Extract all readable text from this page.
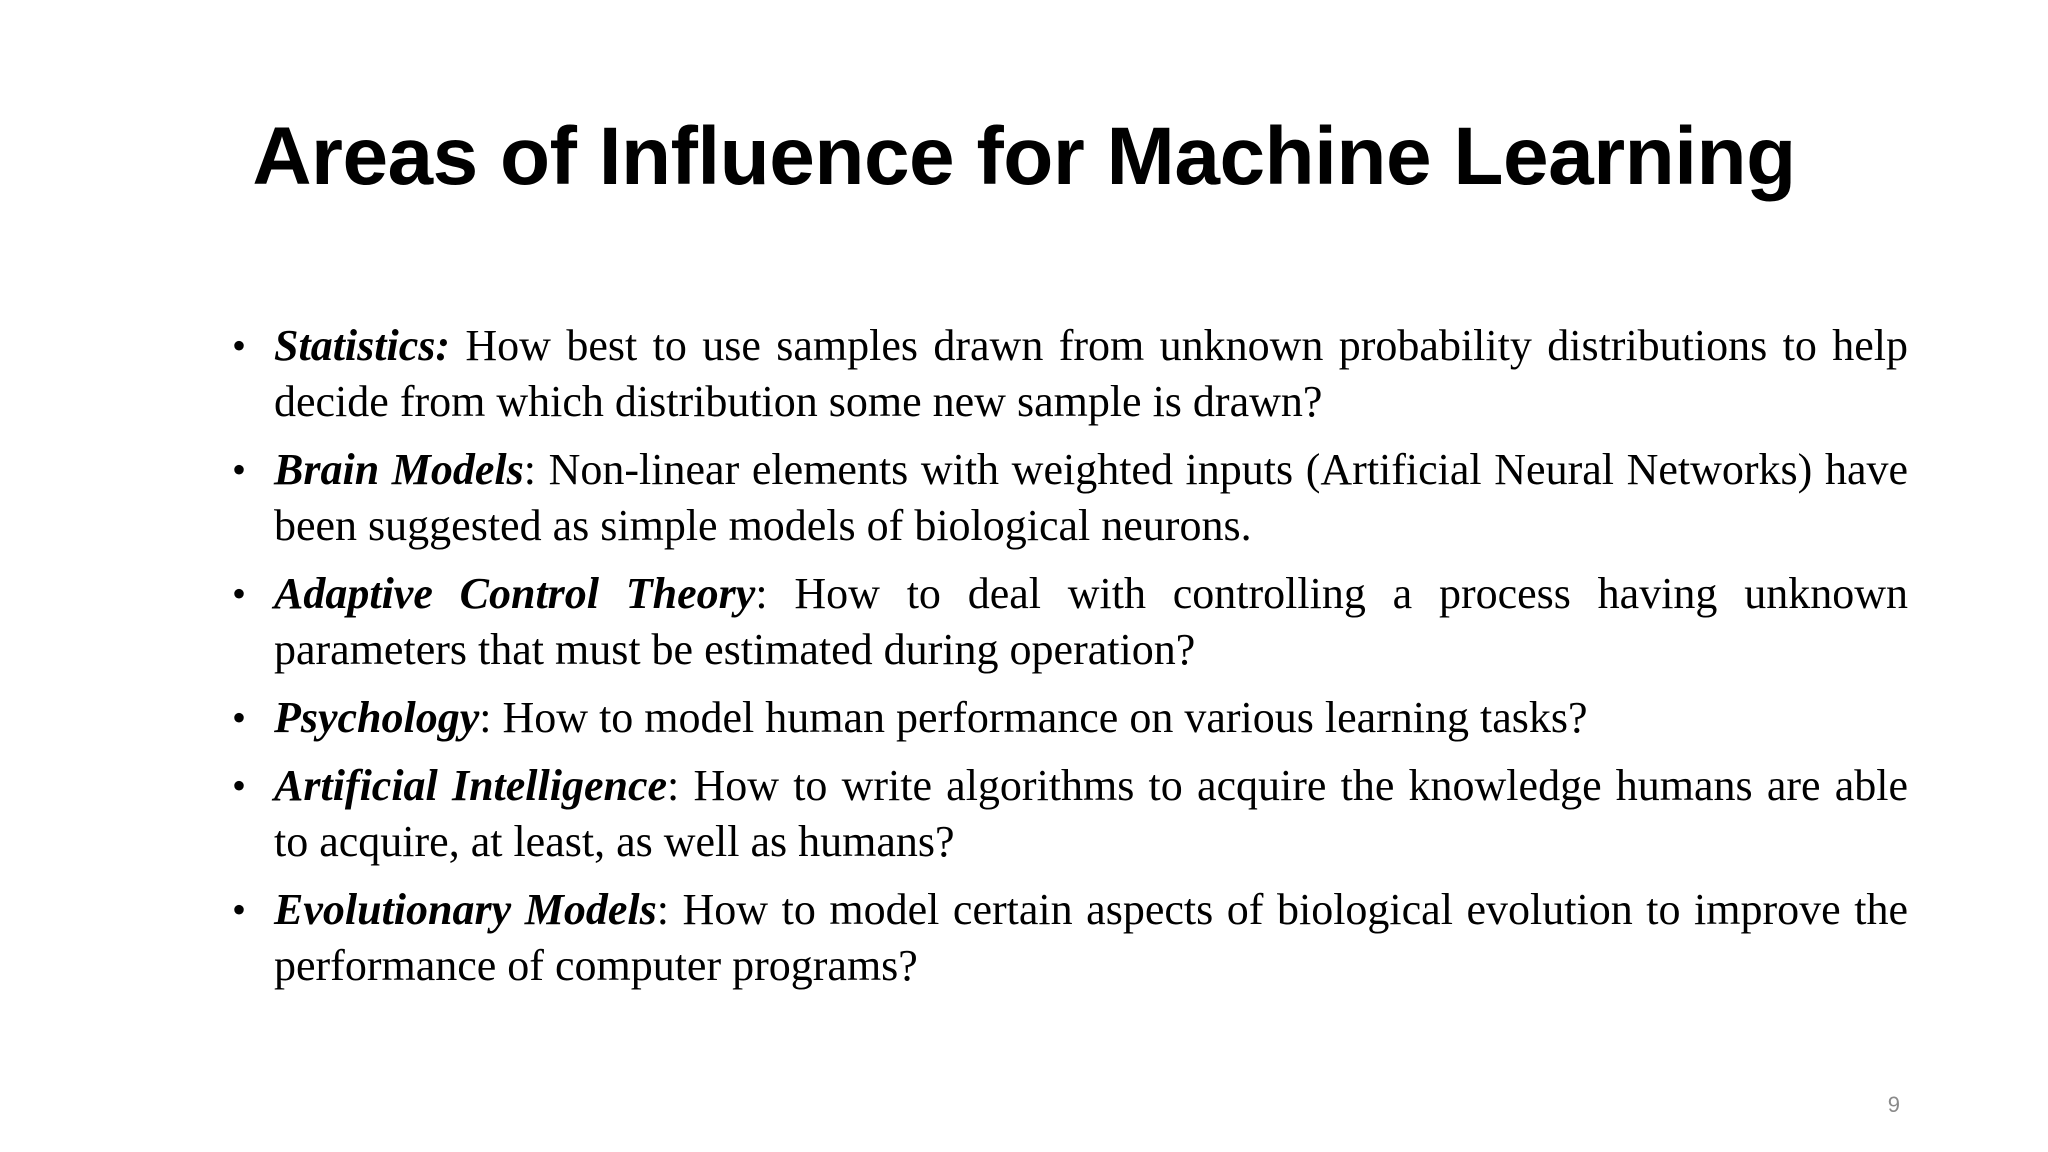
Areas of Influence for Machine Learning
• Statistics: How best to use samples drawn from unknown probability distributions to help decide from which distribution some new sample is drawn?
• Brain Models: Non-linear elements with weighted inputs (Artificial Neural Networks) have been suggested as simple models of biological neurons.
• Adaptive Control Theory: How to deal with controlling a process having unknown parameters that must be estimated during operation?
• Psychology: How to model human performance on various learning tasks?
• Artificial Intelligence: How to write algorithms to acquire the knowledge humans are able to acquire, at least, as well as humans?
• Evolutionary Models: How to model certain aspects of biological evolution to improve the performance of computer programs?
9
